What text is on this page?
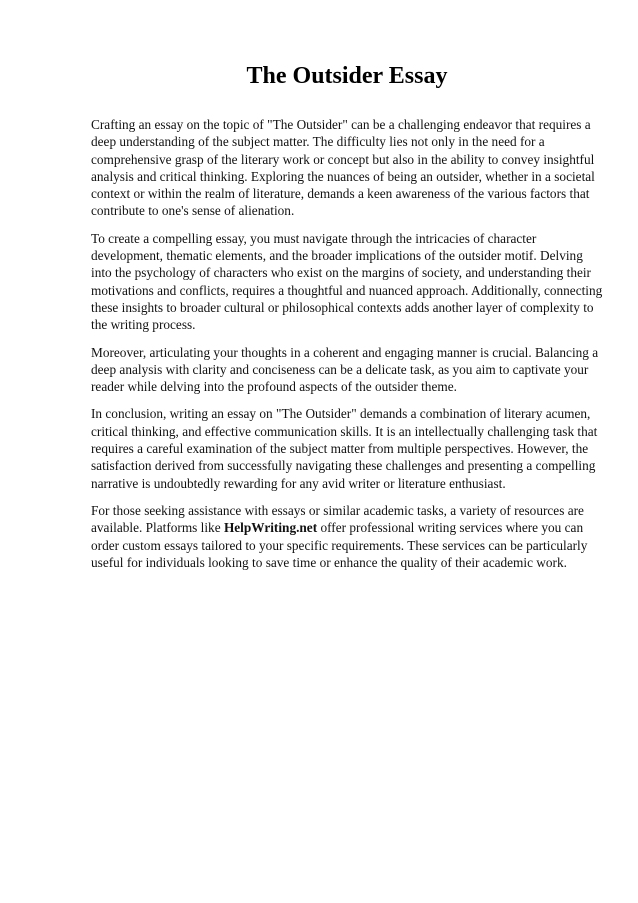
The Outsider Essay

Crafting an essay on the topic of "The Outsider" can be a challenging endeavor that requires a deep understanding of the subject matter. The difficulty lies not only in the need for a comprehensive grasp of the literary work or concept but also in the ability to convey insightful analysis and critical thinking. Exploring the nuances of being an outsider, whether in a societal context or within the realm of literature, demands a keen awareness of the various factors that contribute to one's sense of alienation.

To create a compelling essay, you must navigate through the intricacies of character development, thematic elements, and the broader implications of the outsider motif. Delving into the psychology of characters who exist on the margins of society, and understanding their motivations and conflicts, requires a thoughtful and nuanced approach. Additionally, connecting these insights to broader cultural or philosophical contexts adds another layer of complexity to the writing process.

Moreover, articulating your thoughts in a coherent and engaging manner is crucial. Balancing a deep analysis with clarity and conciseness can be a delicate task, as you aim to captivate your reader while delving into the profound aspects of the outsider theme.

In conclusion, writing an essay on "The Outsider" demands a combination of literary acumen, critical thinking, and effective communication skills. It is an intellectually challenging task that requires a careful examination of the subject matter from multiple perspectives. However, the satisfaction derived from successfully navigating these challenges and presenting a compelling narrative is undoubtedly rewarding for any avid writer or literature enthusiast.

For those seeking assistance with essays or similar academic tasks, a variety of resources are available. Platforms like HelpWriting.net offer professional writing services where you can order custom essays tailored to your specific requirements. These services can be particularly useful for individuals looking to save time or enhance the quality of their academic work.
